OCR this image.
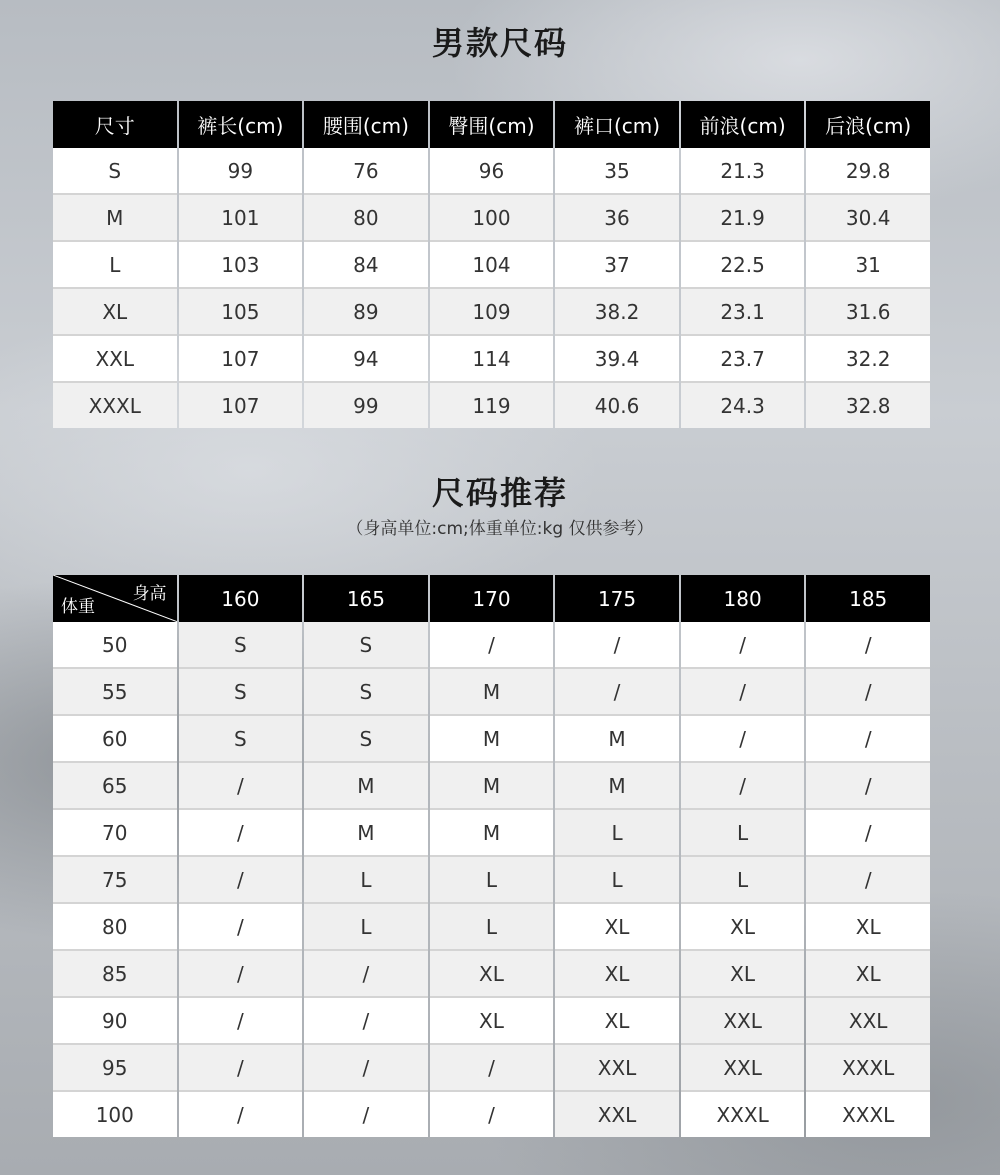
男款尺码
尺寸	裤长(cm)	腰围(cm)	臀围(cm)	裤口(cm)	前浪(cm)	后浪(cm)
S	99	76	96	35	21.3	29.8
M	101	80	100	36	21.9	30.4
L	103	84	104	37	22.5	31
XL	105	89	109	38.2	23.1	31.6
XXL	107	94	114	39.4	23.7	32.2
XXXL	107	99	119	40.6	24.3	32.8
尺码推荐
（身高单位:cm;体重单位:kg 仅供参考）
身高
体重	160	165	170	175	180	185
50	S	S	/	/	/	/
55	S	S	M	/	/	/
60	S	S	M	M	/	/
65	/	M	M	M	/	/
70	/	M	M	L	L	/
75	/	L	L	L	L	/
80	/	L	L	XL	XL	XL
85	/	/	XL	XL	XL	XL
90	/	/	XL	XL	XXL	XXL
95	/	/	/	XXL	XXL	XXXL
100	/	/	/	XXL	XXXL	XXXL
